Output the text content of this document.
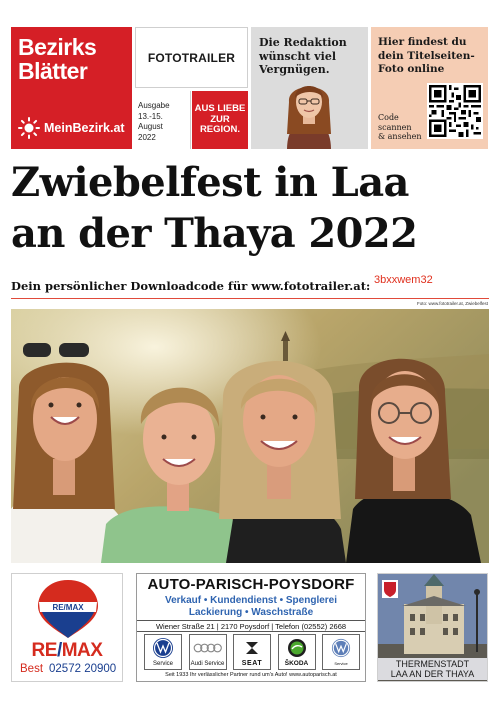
Bezirks
Blätter
MeinBezirk.at
FOTOTRAILER
Ausgabe
13.-15. August
2022
AUS LIEBE ZUR REGION.
Die Redaktion wünscht viel Vergnügen.
Hier findest du dein Titelseiten-Foto online
Code
scannen
& ansehen
Zwiebelfest in Laa
an der Thaya 2022
Dein persönlicher Downloadcode für www.fototrailer.at: 3bxxwem32
Foto: www.fototrailer.at, Zwiebelfest
RE/MAX
RE/MAX
Best 02572 20900
AUTO-PARISCH-POYSDORF
Verkauf • Kundendienst • Spenglerei
Lackierung • Waschstraße
Wiener Straße 21 | 2170 Poysdorf | Telefon (02552) 2668
Service	Audi Service SEAT	ŠKODA	Service
Seit 1933 Ihr verlässlicher Partner rund um's Auto! www.autoparisch.at
THERMENSTADT
LAA AN DER THAYA
